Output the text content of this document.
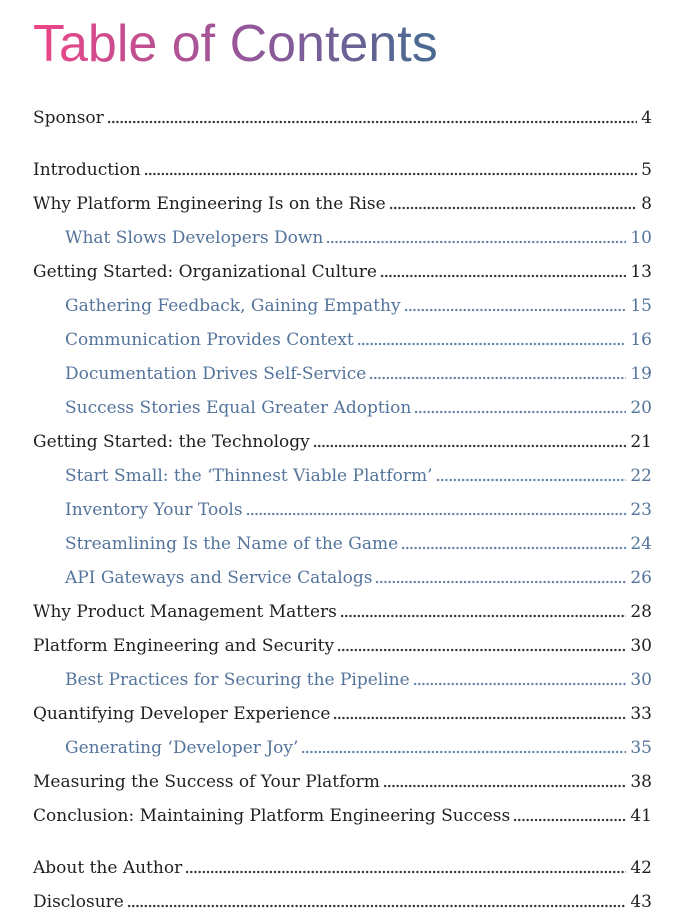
Table of Contents
Sponsor	4
Introduction	5
Why Platform Engineering Is on the Rise	8
What Slows Developers Down	10
Getting Started: Organizational Culture	13
Gathering Feedback, Gaining Empathy	15
Communication Provides Context	16
Documentation Drives Self-Service	19
Success Stories Equal Greater Adoption	20
Getting Started: the Technology	21
Start Small: the ‘Thinnest Viable Platform’	22
Inventory Your Tools	23
Streamlining Is the Name of the Game	24
API Gateways and Service Catalogs	26
Why Product Management Matters	28
Platform Engineering and Security	30
Best Practices for Securing the Pipeline	30
Quantifying Developer Experience	33
Generating ‘Developer Joy’	35
Measuring the Success of Your Platform	38
Conclusion: Maintaining Platform Engineering Success	41
About the Author	42
Disclosure	43
